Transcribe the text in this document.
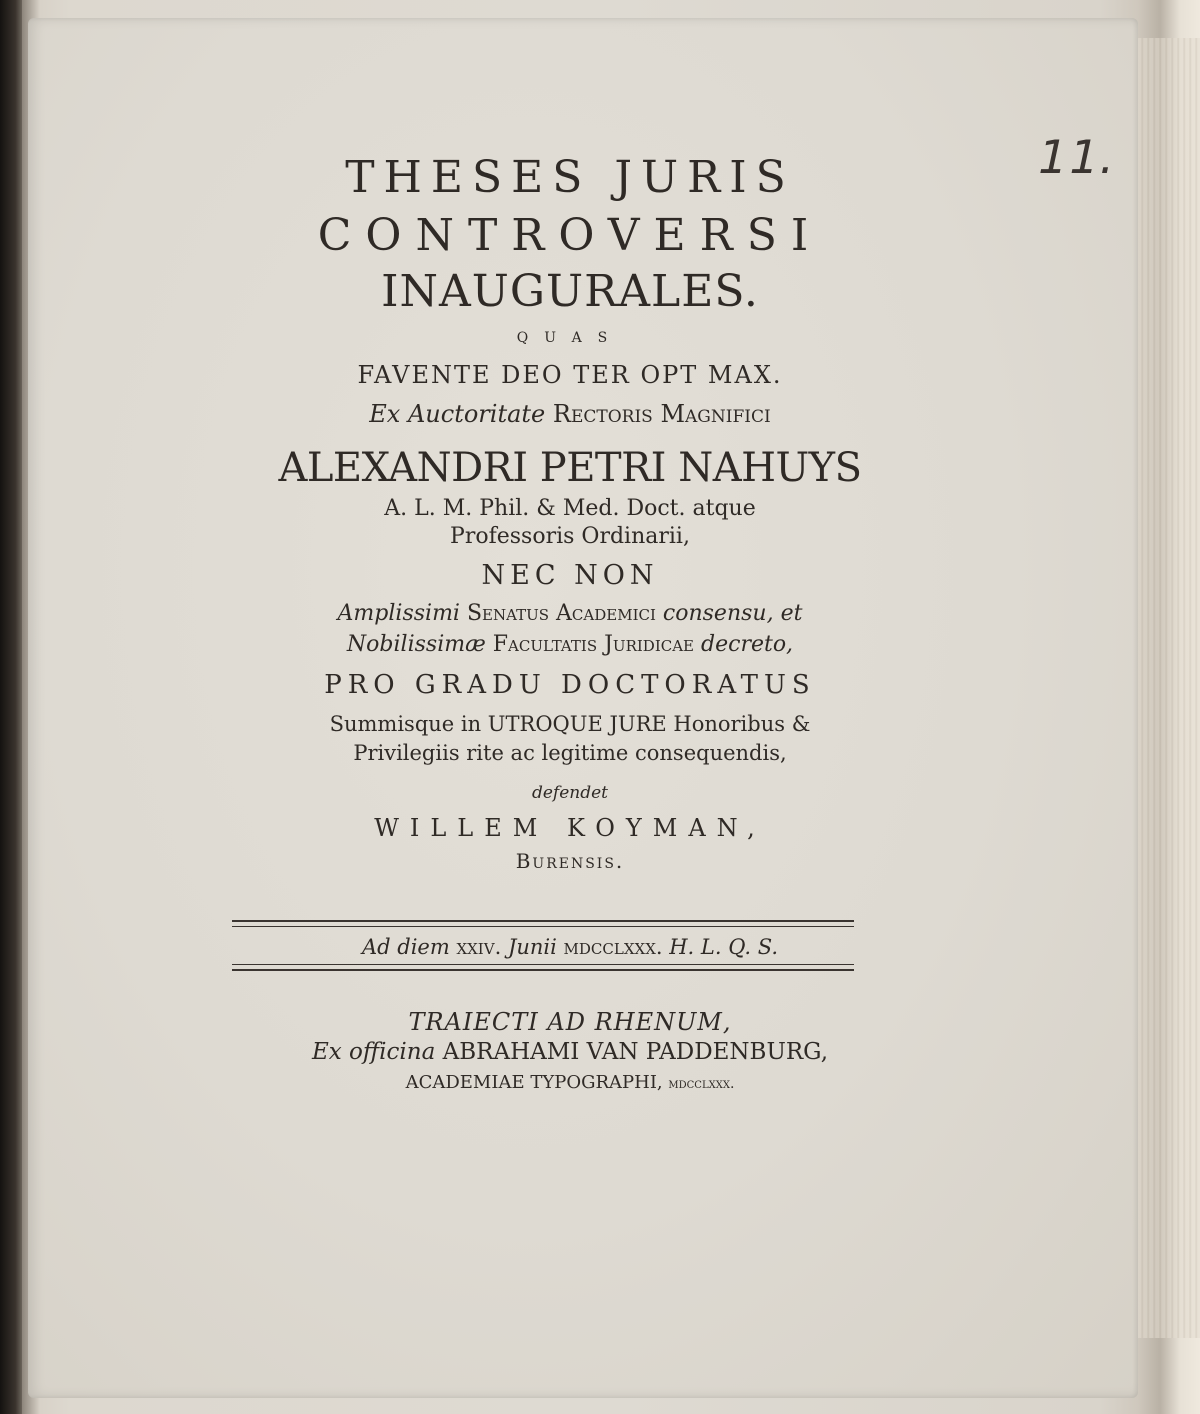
11.

THESES JURIS

CONTROVERSI

INAUGURALES.

QUAS

FAVENTE DEO TER OPT MAX.

Ex Auctoritate Rectoris Magnifici

ALEXANDRI PETRI NAHUYS

A. L. M. Phil. & Med. Doct. atque

Professoris Ordinarii,

NEC NON

Amplissimi Senatus Academici consensu, et

Nobilissimæ Facultatis Juridicae decreto,

PRO GRADU DOCTORATUS

Summisque in UTROQUE JURE Honoribus &

Privilegiis rite ac legitime consequendis,

defendet

WILLEM KOYMAN,

Burensis.

Ad diem xxiv. Junii mdcclxxx. H. L. Q. S.

TRAIECTI AD RHENUM,

Ex officina ABRAHAMI VAN PADDENBURG,

ACADEMIAE TYPOGRAPHI, mdcclxxx.
